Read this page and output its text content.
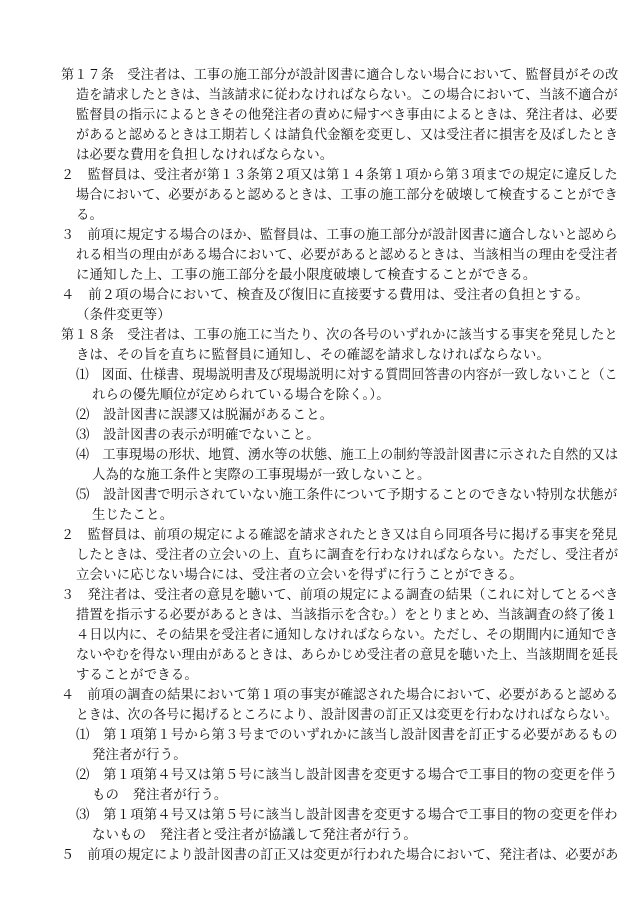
第１７条　受注者は、工事の施工部分が設計図書に適合しない場合において、監督員がその改
造を請求したときは、当該請求に従わなければならない。この場合において、当該不適合が
監督員の指示によるときその他発注者の責めに帰すべき事由によるときは、発注者は、必要
があると認めるときは工期若しくは請負代金額を変更し、又は受注者に損害を及ぼしたとき
は必要な費用を負担しなければならない。
２　監督員は、受注者が第１３条第２項又は第１４条第１項から第３項までの規定に違反した
場合において、必要があると認めるときは、工事の施工部分を破壊して検査することができ
る。
３　前項に規定する場合のほか、監督員は、工事の施工部分が設計図書に適合しないと認めら
れる相当の理由がある場合において、必要があると認めるときは、当該相当の理由を受注者
に通知した上、工事の施工部分を最小限度破壊して検査することができる。
４　前２項の場合において、検査及び復旧に直接要する費用は、受注者の負担とする。
（条件変更等）
第１８条　受注者は、工事の施工に当たり、次の各号のいずれかに該当する事実を発見したと
きは、その旨を直ちに監督員に通知し、その確認を請求しなければならない。
⑴　図面、仕様書、現場説明書及び現場説明に対する質問回答書の内容が一致しないこと（こ
れらの優先順位が定められている場合を除く。）。
⑵　設計図書に誤謬又は脱漏があること。
⑶　設計図書の表示が明確でないこと。
⑷　工事現場の形状、地質、湧水等の状態、施工上の制約等設計図書に示された自然的又は
人為的な施工条件と実際の工事現場が一致しないこと。
⑸　設計図書で明示されていない施工条件について予期することのできない特別な状態が
生じたこと。
２　監督員は、前項の規定による確認を請求されたとき又は自ら同項各号に掲げる事実を発見
したときは、受注者の立会いの上、直ちに調査を行わなければならない。ただし、受注者が
立会いに応じない場合には、受注者の立会いを得ずに行うことができる。
３　発注者は、受注者の意見を聴いて、前項の規定による調査の結果（これに対してとるべき
措置を指示する必要があるときは、当該指示を含む。）をとりまとめ、当該調査の終了後１
４日以内に、その結果を受注者に通知しなければならない。ただし、その期間内に通知でき
ないやむを得ない理由があるときは、あらかじめ受注者の意見を聴いた上、当該期間を延長
することができる。
４　前項の調査の結果において第１項の事実が確認された場合において、必要があると認める
ときは、次の各号に掲げるところにより、設計図書の訂正又は変更を行わなければならない。
⑴　第１項第１号から第３号までのいずれかに該当し設計図書を訂正する必要があるもの
発注者が行う。
⑵　第１項第４号又は第５号に該当し設計図書を変更する場合で工事目的物の変更を伴う
もの　発注者が行う。
⑶　第１項第４号又は第５号に該当し設計図書を変更する場合で工事目的物の変更を伴わ
ないもの　発注者と受注者が協議して発注者が行う。
５　前項の規定により設計図書の訂正又は変更が行われた場合において、発注者は、必要があ
